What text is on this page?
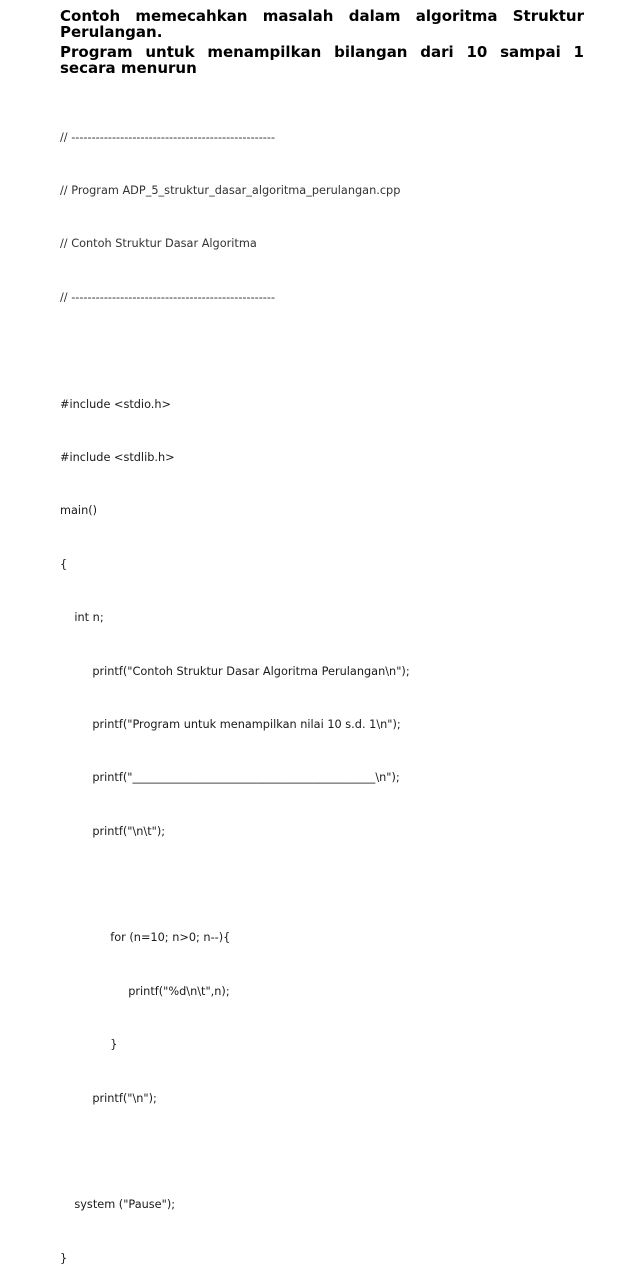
Contoh memecahkan masalah dalam algoritma Struktur Perulangan.

Program untuk menampilkan bilangan dari 10 sampai 1 secara menurun

// --------------------------------------------------

// Program ADP_5_struktur_dasar_algoritma_perulangan.cpp

// Contoh Struktur Dasar Algoritma

// --------------------------------------------------

#include <stdio.h>

#include <stdlib.h>

main()

{

int n;

printf("Contoh Struktur Dasar Algoritma Perulangan\n");

printf("Program untuk menampilkan nilai 10 s.d. 1\n");

printf("___________________________________________\n");

printf("\n\t");

for (n=10; n>0; n--){

printf("%d\n\t",n);

}

printf("\n");

system ("Pause");

}
